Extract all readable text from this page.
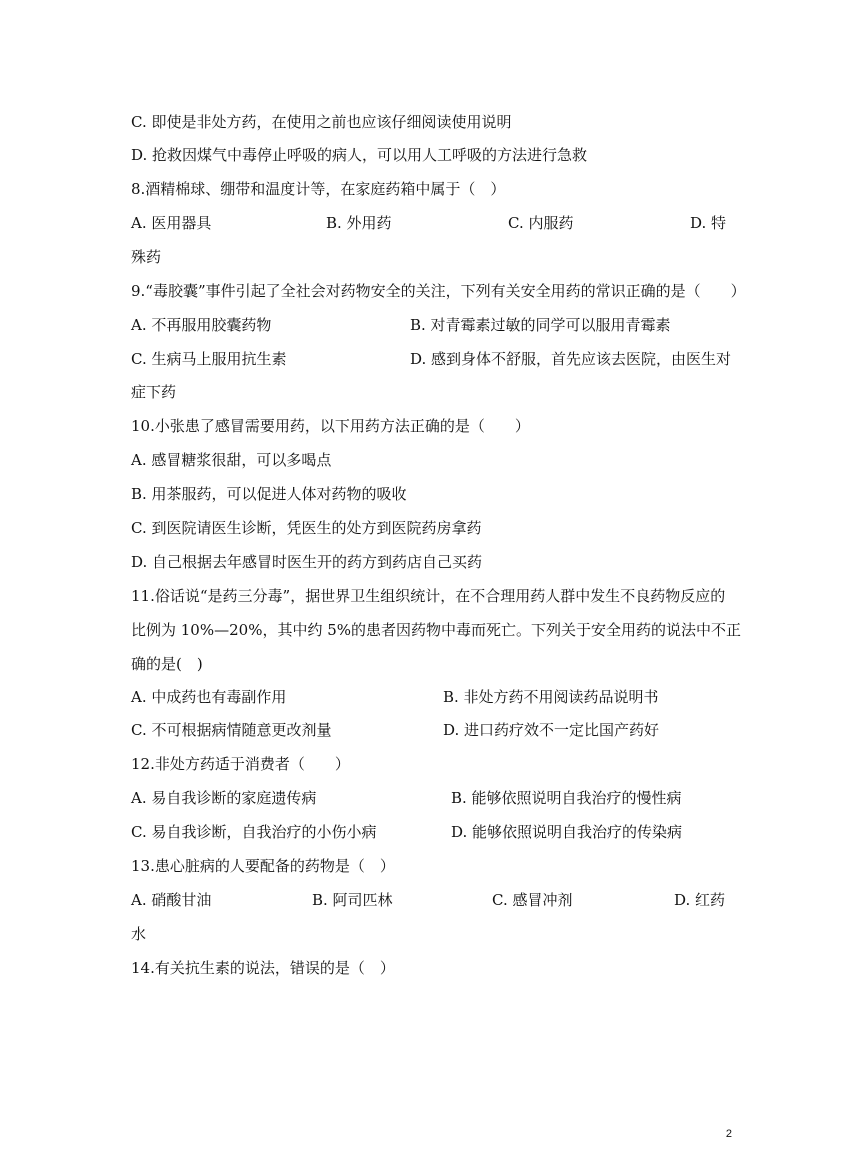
C. 即使是非处方药，在使用之前也应该仔细阅读使用说明
D. 抢救因煤气中毒停止呼吸的病人，可以用人工呼吸的方法进行急救
8.酒精棉球、绷带和温度计等，在家庭药箱中属于（　）
A. 医用器具	B. 外用药	C. 内服药	D. 特
殊药
9.“毒胶囊”事件引起了全社会对药物安全的关注，下列有关安全用药的常识正确的是（　　）
A. 不再服用胶囊药物	B. 对青霉素过敏的同学可以服用青霉素
C. 生病马上服用抗生素	D. 感到身体不舒服，首先应该去医院，由医生对
症下药
10.小张患了感冒需要用药，以下用药方法正确的是（　　）
A. 感冒糖浆很甜，可以多喝点
B. 用茶服药，可以促进人体对药物的吸收
C. 到医院请医生诊断，凭医生的处方到医院药房拿药
D. 自己根据去年感冒时医生开的药方到药店自己买药
11.俗话说“是药三分毒”，据世界卫生组织统计，在不合理用药人群中发生不良药物反应的
比例为 10%—20%，其中约 5%的患者因药物中毒而死亡。下列关于安全用药的说法中不正
确的是(　)
A. 中成药也有毒副作用	B. 非处方药不用阅读药品说明书
C. 不可根据病情随意更改剂量	D. 进口药疗效不一定比国产药好
12.非处方药适于消费者（　　）
A. 易自我诊断的家庭遗传病	B. 能够依照说明自我治疗的慢性病
C. 易自我诊断，自我治疗的小伤小病	D. 能够依照说明自我治疗的传染病
13.患心脏病的人要配备的药物是（　）
A. 硝酸甘油	B. 阿司匹林	C. 感冒冲剂	D. 红药
水
14.有关抗生素的说法，错误的是（　）
2
